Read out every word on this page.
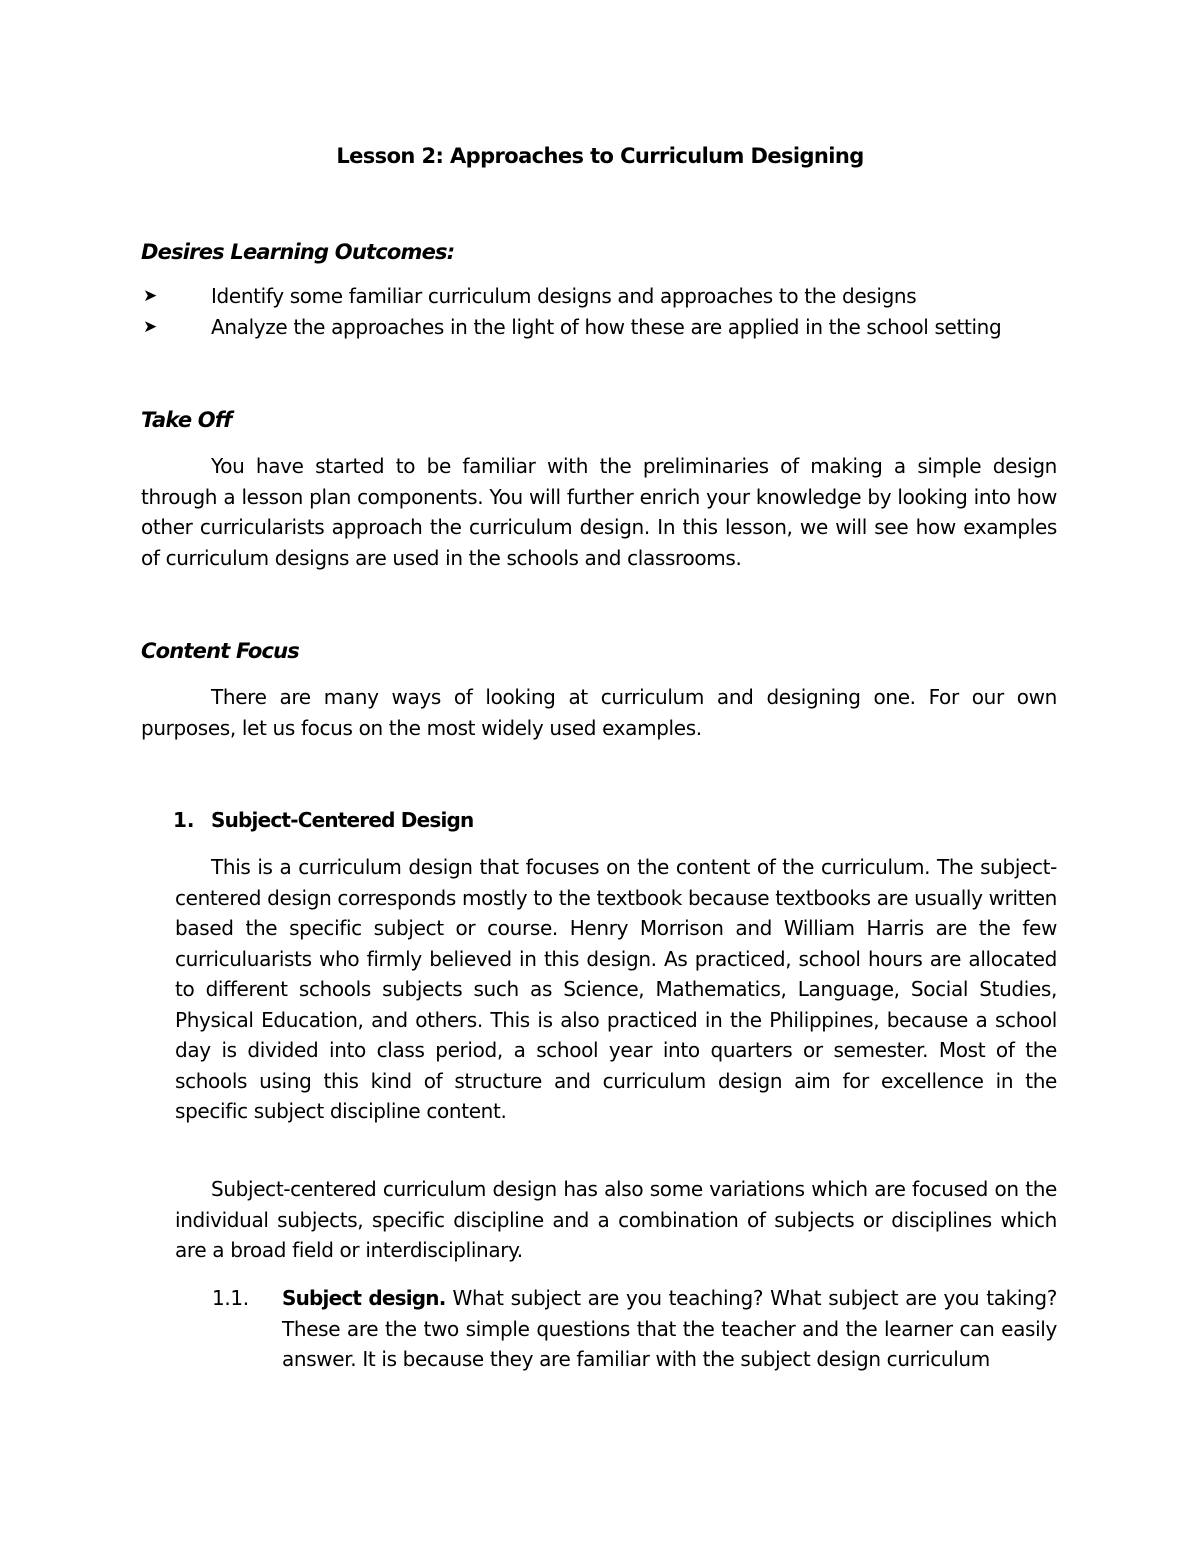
Lesson 2: Approaches to Curriculum Designing
Desires Learning Outcomes:
➤	Identify some familiar curriculum designs and approaches to the designs
➤	Analyze the approaches in the light of how these are applied in the school setting
Take Off

You have started to be familiar with the preliminaries of making a simple design through a lesson plan components. You will further enrich your knowledge by looking into how other curricularists approach the curriculum design. In this lesson, we will see how examples of curriculum designs are used in the schools and classrooms.

Content Focus

There are many ways of looking at curriculum and designing one. For our own purposes, let us focus on the most widely used examples.

1. Subject-Centered Design

This is a curriculum design that focuses on the content of the curriculum. The subject-centered design corresponds mostly to the textbook because textbooks are usually written based the specific subject or course. Henry Morrison and William Harris are the few curriculuarists who firmly believed in this design. As practiced, school hours are allocated to different schools subjects such as Science, Mathematics, Language, Social Studies, Physical Education, and others. This is also practiced in the Philippines, because a school day is divided into class period, a school year into quarters or semester. Most of the schools using this kind of structure and curriculum design aim for excellence in the specific subject discipline content.

Subject-centered curriculum design has also some variations which are focused on the individual subjects, specific discipline and a combination of subjects or disciplines which are a broad field or interdisciplinary.

1.1. Subject design. What subject are you teaching? What subject are you taking? These are the two simple questions that the teacher and the learner can easily answer. It is because they are familiar with the subject design curriculum
